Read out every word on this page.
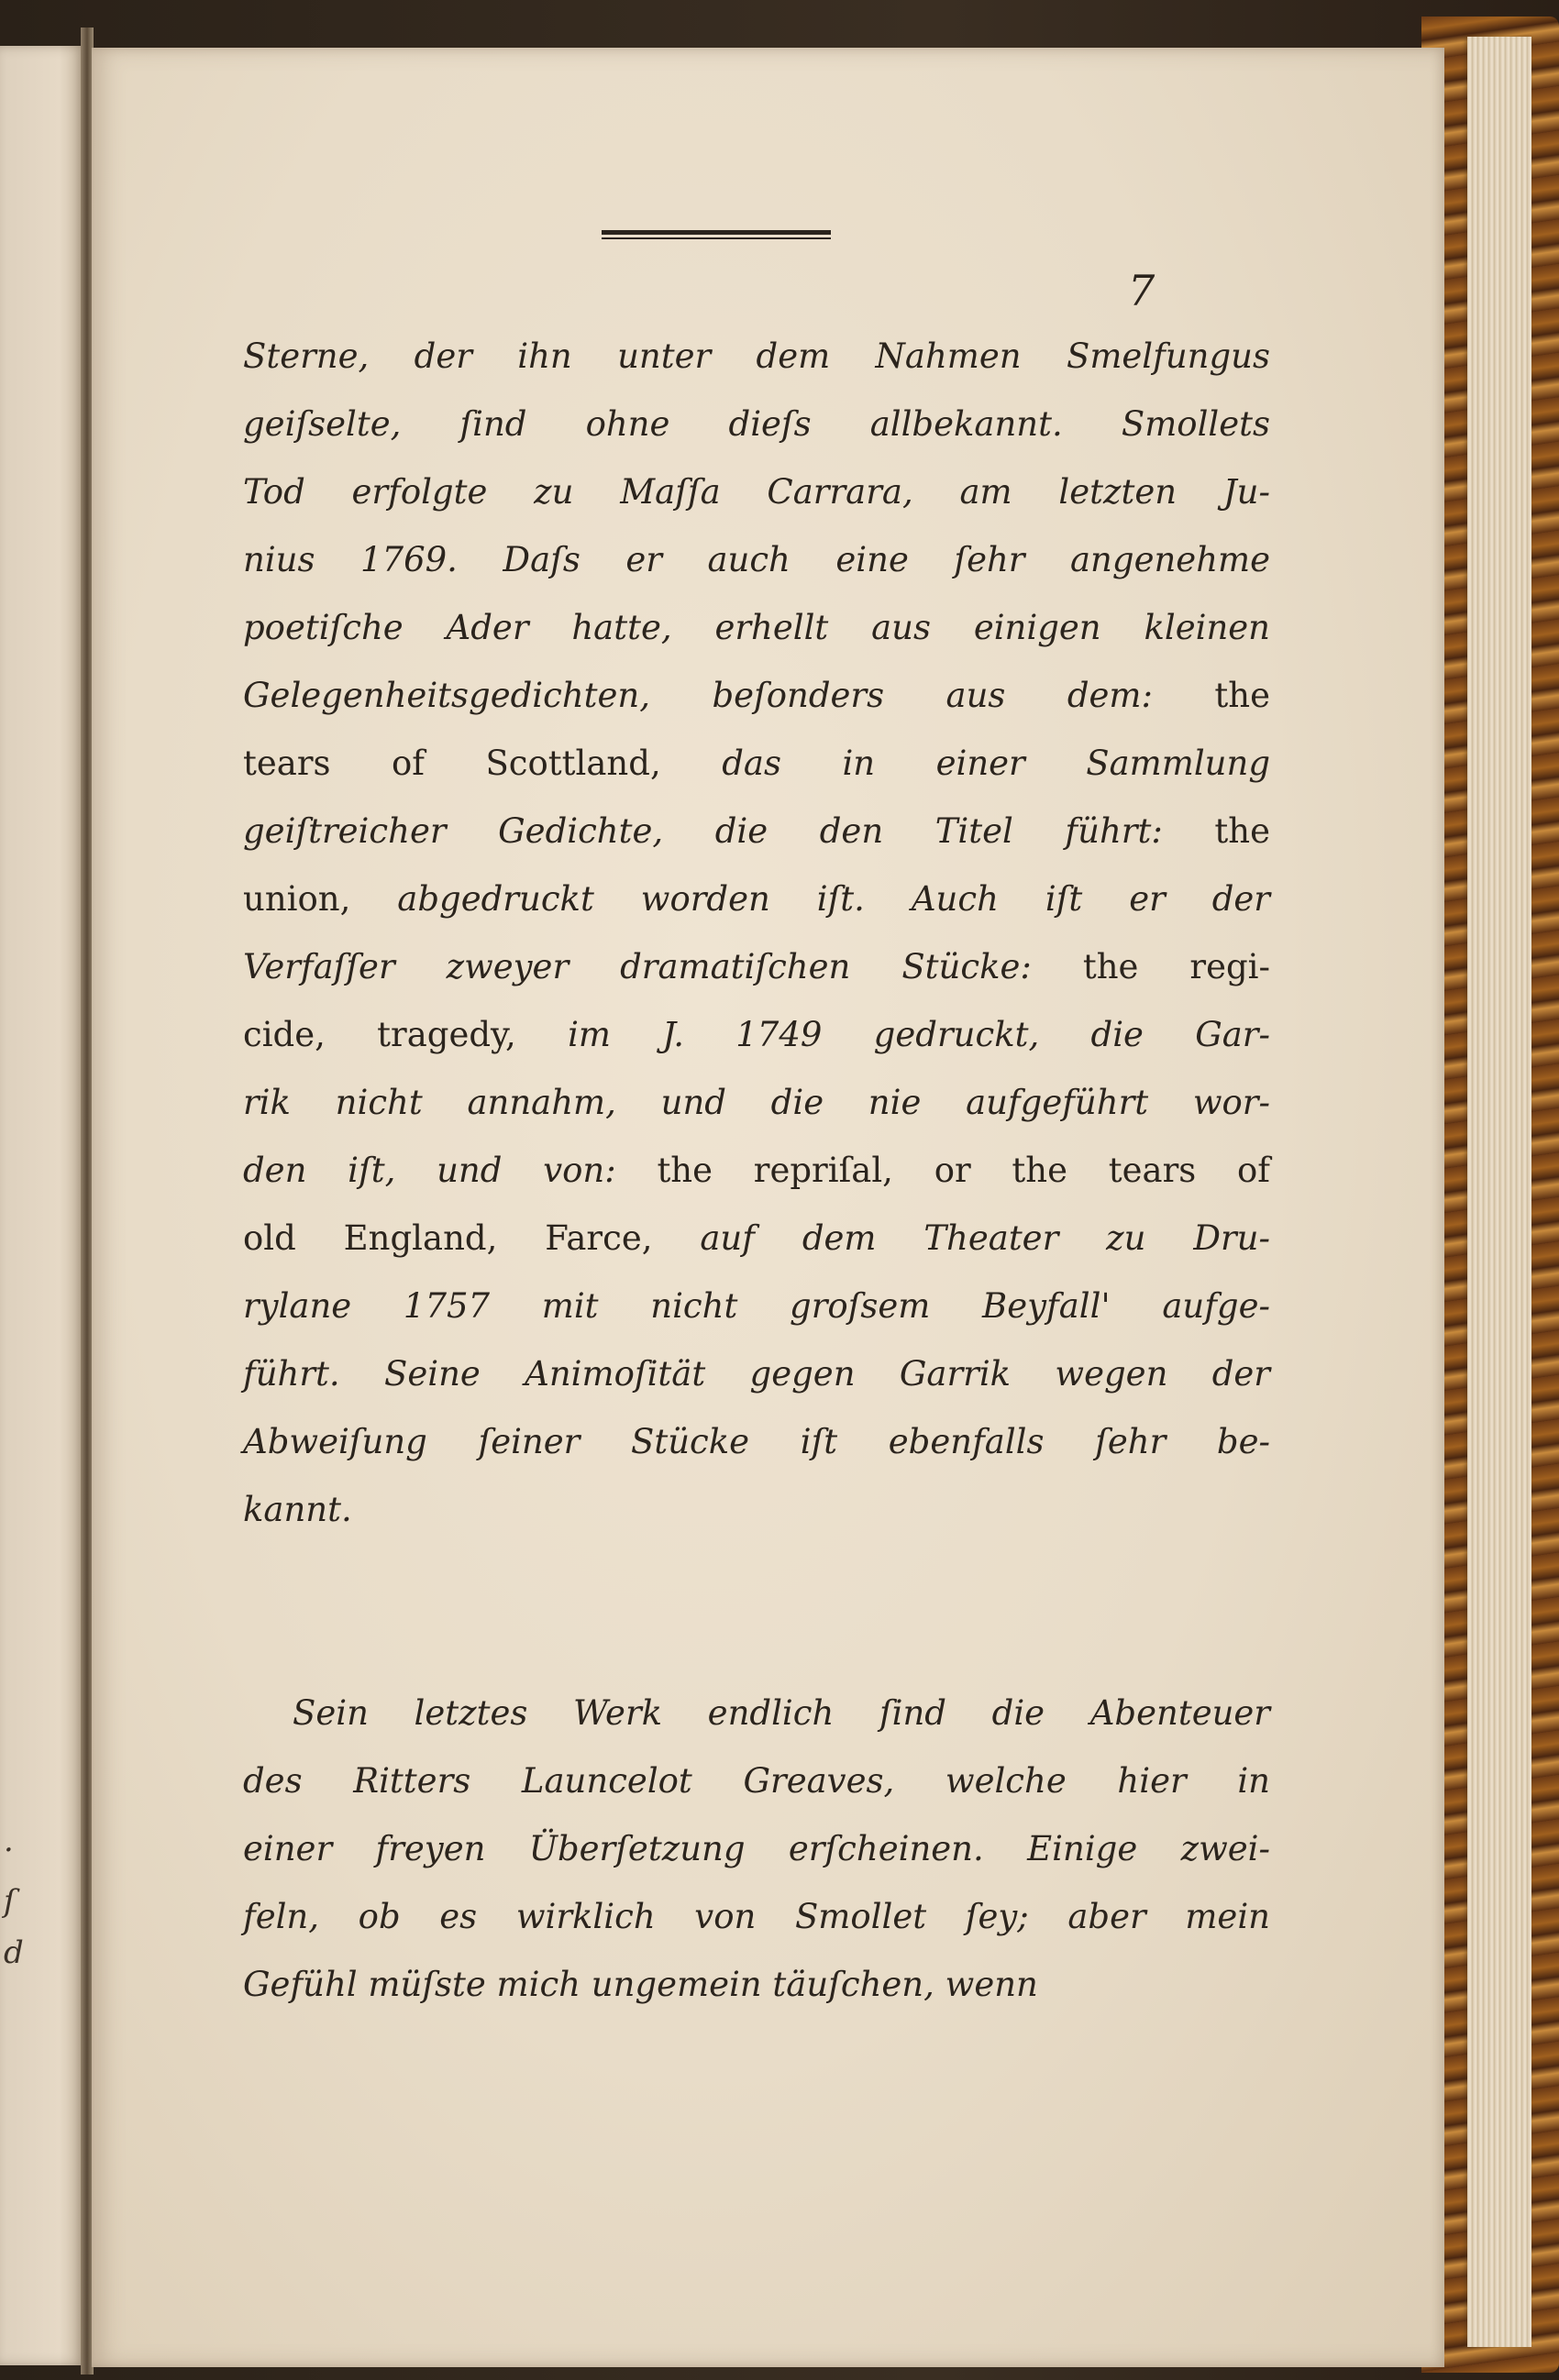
·
ſ
d
7
Sterne, der ihn unter dem Nahmen Smelfungus
geiſselte, ſind ohne dieſs allbekannt. Smollets
Tod erfolgte zu Maſſa Carrara, am letzten Ju-
nius 1769. Daſs er auch eine ſehr angenehme
poetiſche Ader hatte, erhellt aus einigen kleinen
Gelegenheitsgedichten, beſonders aus dem: the
tears of Scottland, das in einer Sammlung
geiſtreicher Gedichte, die den Titel führt: the
union, abgedruckt worden iſt. Auch iſt er der
Verfaſſer zweyer dramatiſchen Stücke: the regi-
cide, tragedy, im J. 1749 gedruckt, die Gar-
rik nicht annahm, und die nie aufgeführt wor-
den iſt, und von: the repriſal, or the tears of
old England, Farce, auf dem Theater zu Dru-
rylane 1757 mit nicht groſsem Beyfall' aufge-
führt. Seine Animoſität gegen Garrik wegen der
Abweiſung ſeiner Stücke iſt ebenfalls ſehr be-
kannt.
Sein letztes Werk endlich ſind die Abenteuer
des Ritters Launcelot Greaves, welche hier in
einer freyen Überſetzung erſcheinen. Einige zwei-
feln, ob es wirklich von Smollet ſey; aber mein
Gefühl müſste mich ungemein täuſchen, wenn
